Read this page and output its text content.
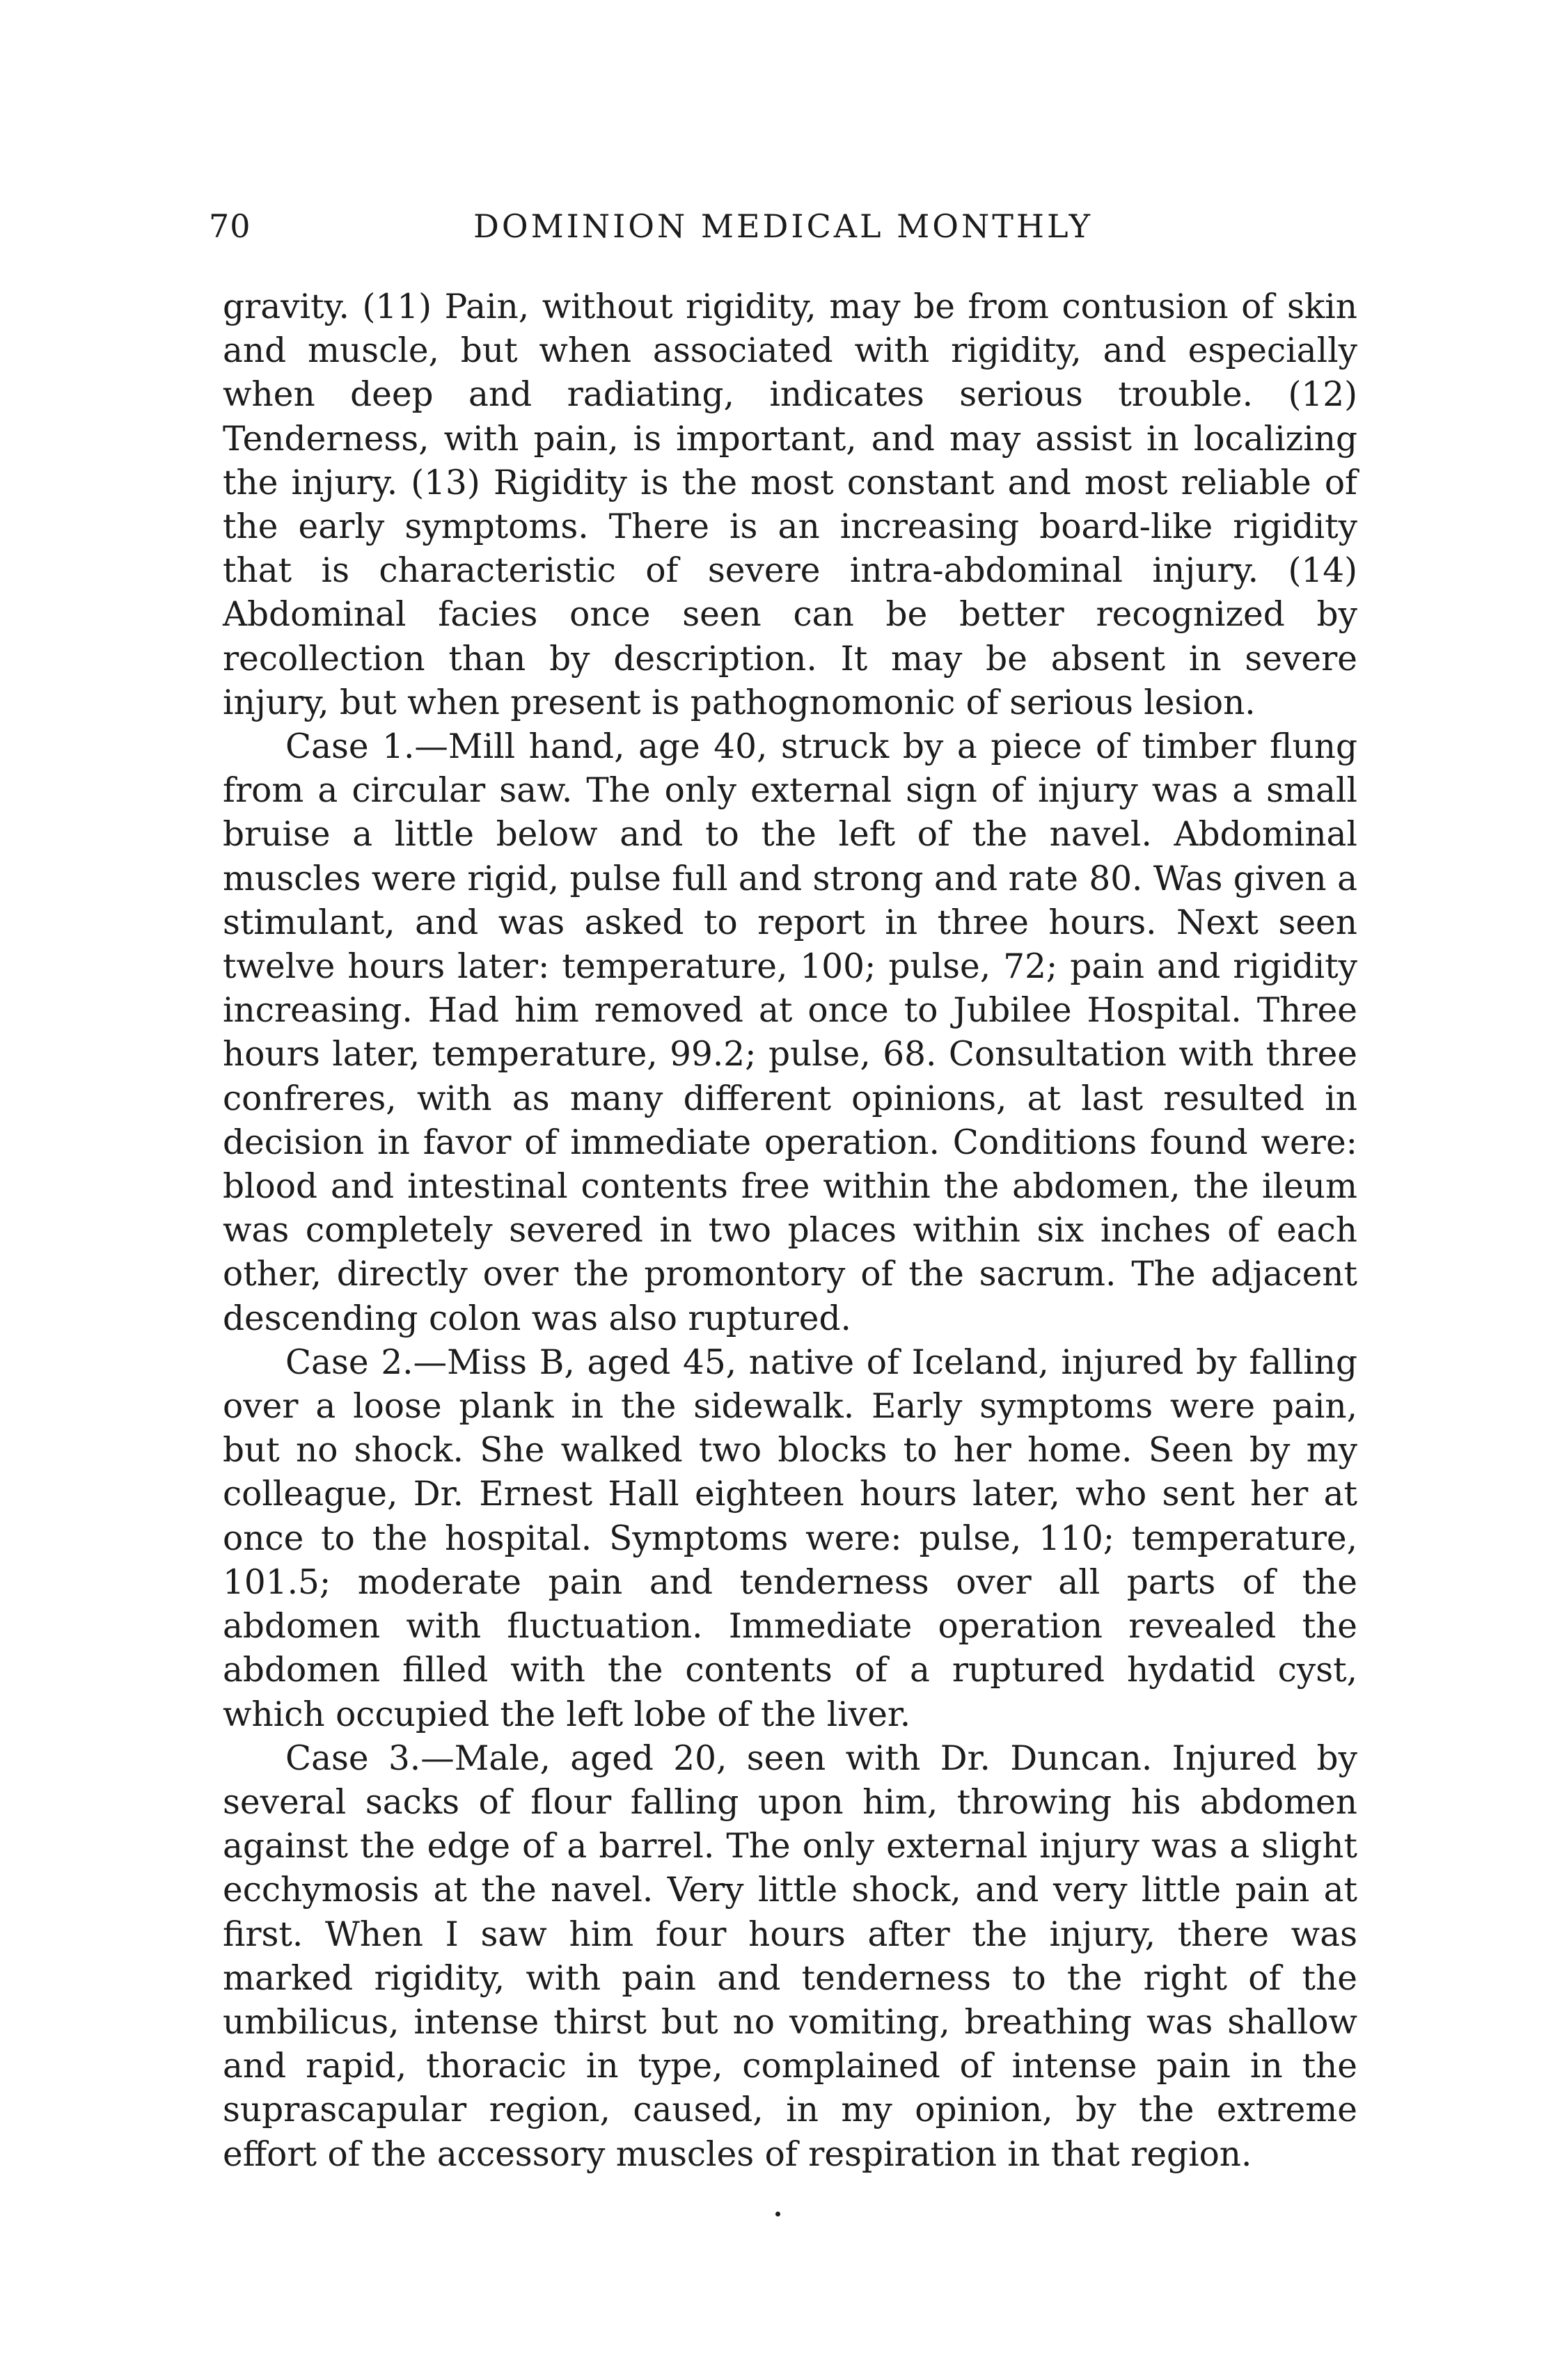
70	DOMINION MEDICAL MONTHLY

gravity. (11) Pain, without rigidity, may be from contusion of skin and muscle, but when associated with rigidity, and especially when deep and radiating, indicates serious trouble. (12) Tenderness, with pain, is important, and may assist in localizing the injury. (13) Rigidity is the most constant and most reliable of the early symptoms. There is an increasing board-like rigidity that is characteristic of severe intra-abdominal injury. (14) Abdominal facies once seen can be better recognized by recollection than by description. It may be absent in severe injury, but when present is pathognomonic of serious lesion.

Case 1.—Mill hand, age 40, struck by a piece of timber flung from a circular saw. The only external sign of injury was a small bruise a little below and to the left of the navel. Abdominal muscles were rigid, pulse full and strong and rate 80. Was given a stimulant, and was asked to report in three hours. Next seen twelve hours later: temperature, 100; pulse, 72; pain and rigidity increasing. Had him removed at once to Jubilee Hospital. Three hours later, temperature, 99.2; pulse, 68. Consultation with three confreres, with as many different opinions, at last resulted in decision in favor of immediate operation. Conditions found were: blood and intestinal contents free within the abdomen, the ileum was completely severed in two places within six inches of each other, directly over the promontory of the sacrum. The adjacent descending colon was also ruptured.

Case 2.—Miss B, aged 45, native of Iceland, injured by falling over a loose plank in the sidewalk. Early symptoms were pain, but no shock. She walked two blocks to her home. Seen by my colleague, Dr. Ernest Hall eighteen hours later, who sent her at once to the hospital. Symptoms were: pulse, 110; temperature, 101.5; moderate pain and tenderness over all parts of the abdomen with fluctuation. Immediate operation revealed the abdomen filled with the contents of a ruptured hydatid cyst, which occupied the left lobe of the liver.

Case 3.—Male, aged 20, seen with Dr. Duncan. Injured by several sacks of flour falling upon him, throwing his abdomen against the edge of a barrel. The only external injury was a slight ecchymosis at the navel. Very little shock, and very little pain at first. When I saw him four hours after the injury, there was marked rigidity, with pain and tenderness to the right of the umbilicus, intense thirst but no vomiting, breathing was shallow and rapid, thoracic in type, complained of intense pain in the suprascapular region, caused, in my opinion, by the extreme effort of the accessory muscles of respiration in that region.
